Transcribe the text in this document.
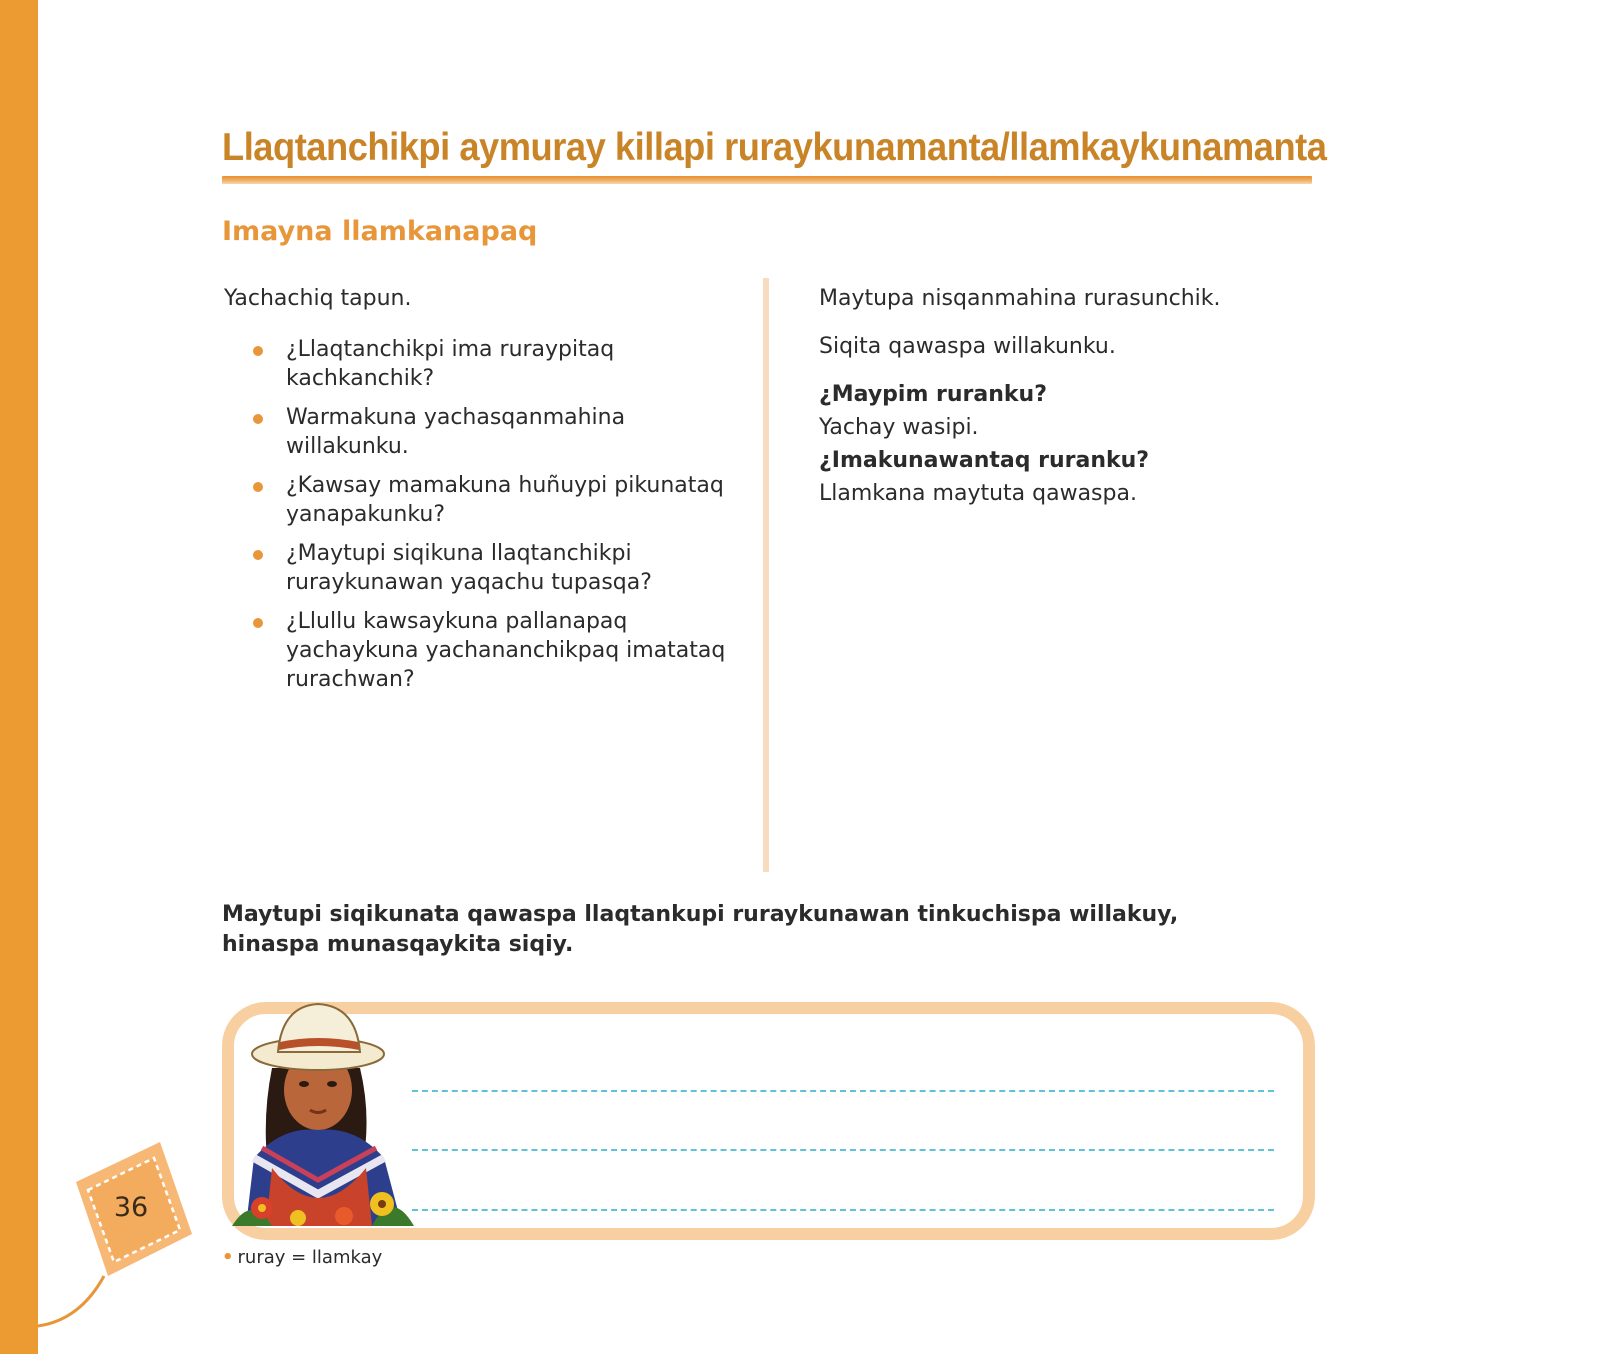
Llaqtanchikpi aymuray killapi ruraykunamanta/llamkaykunamanta
Imayna llamkanapaq

Yachachiq tapun.

¿Llaqtanchikpi ima ruraypitaq kachkanchik?
Warmakuna yachasqanmahina willakunku.
¿Kawsay mamakuna huñuypi pikunataq yanapakunku?
¿Maytupi siqikuna llaqtanchikpi ruraykunawan yaqachu tupasqa?
¿Llullu kawsaykuna pallanapaq yachaykuna yachananchikpaq imatataq rurachwan?

Maytupa nisqanmahina rurasunchik.

Siqita qawaspa willakunku.

¿Maypim ruranku?

Yachay wasipi.

¿Imakunawantaq ruranku?

Llamkana maytuta qawaspa.

Maytupi siqikunata qawaspa llaqtankupi ruraykunawan tinkuchispa willakuy, hinaspa munasqaykita siqiy.

• ruray = llamkay

36
